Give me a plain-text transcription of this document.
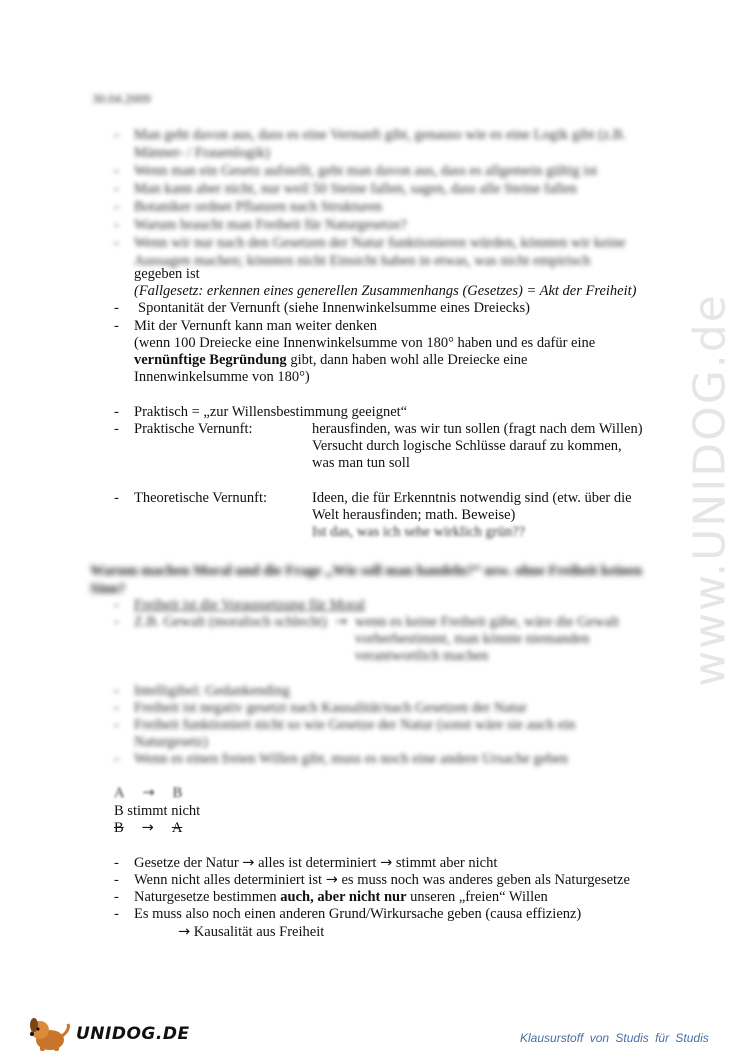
30.04.2009
-	Man geht davon aus, dass es eine Vernunft gibt, genauso wie es eine Logik gibt (z.B.
Männer- / Frauenlogik)
-	Wenn man ein Gesetz aufstellt, geht man davon aus, dass es allgemein gültig ist
-	Man kann aber nicht, nur weil 50 Steine fallen, sagen, dass alle Steine fallen
-	Botaniker ordnet Pflanzen nach Strukturen
-	Warum braucht man Freiheit für Naturgesetze?
-	Wenn wir nur nach den Gesetzen der Natur funktionieren würden, könnten wir keine
Aussagen machen; könnten nicht Einsicht haben in etwas, was nicht empirisch
gegeben ist
(Fallgesetz: erkennen eines generellen Zusammenhangs (Gesetzes) = Akt der Freiheit)
-	Spontanität der Vernunft (siehe Innenwinkelsumme eines Dreiecks)
-	Mit der Vernunft kann man weiter denken
(wenn 100 Dreiecke eine Innenwinkelsumme von 180° haben und es dafür eine
vernünftige Begründung gibt, dann haben wohl alle Dreiecke eine
Innenwinkelsumme von 180°)
-	Praktisch = „zur Willensbestimmung geeignet“
-	Praktische Vernunft:	herausfinden, was wir tun sollen (fragt nach dem Willen)
Versucht durch logische Schlüsse darauf zu kommen,
was man tun soll
-	Theoretische Vernunft:	Ideen, die für Erkenntnis notwendig sind (etw. über die
Welt herausfinden; math. Beweise)
Ist das, was ich sehe wirklich grün??
Warum machen Moral und die Frage „Wie soll man handeln?“ usw. ohne Freiheit keinen Sinn?
-	Freiheit ist die Voraussetzung für Moral
-	Z.B. Gewalt (moralisch schlecht) → wenn es keine Freiheit gäbe, wäre die Gewalt
vorherbestimmt, man könnte niemanden
verantwortlich machen
-	Intelligibel: Gedankending
-	Freiheit ist negativ gesetzt nach Kausalität/nach Gesetzen der Natur
-	Freiheit funktioniert nicht so wie Gesetze der Natur (sonst wäre sie auch ein
Naturgesetz)
-	Wenn es einen freien Willen gibt, muss es noch eine andere Ursache geben
A → B
B stimmt nicht
B → A
-	Gesetze der Natur → alles ist determiniert → stimmt aber nicht
-	Wenn nicht alles determiniert ist → es muss noch was anderes geben als Naturgesetze
-	Naturgesetze bestimmen auch, aber nicht nur unseren „freien“ Willen
-	Es muss also noch einen anderen Grund/Wirkursache geben (causa effizienz)
→ Kausalität aus Freiheit
www.UNIDOG.de
UNIDOG.DE	Klausurstoff von Studis für Studis
